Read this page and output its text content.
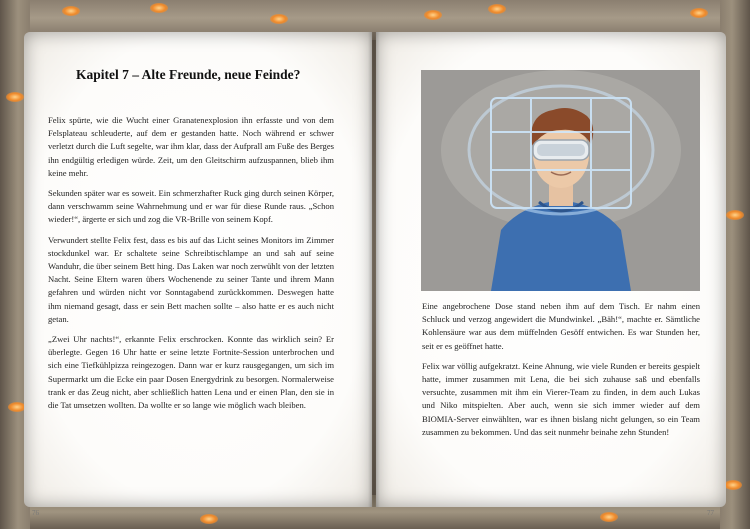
Kapitel 7 – Alte Freunde, neue Feinde?

Felix spürte, wie die Wucht einer Granatenexplosion ihn erfasste und von dem Felsplateau schleuderte, auf dem er gestanden hatte. Noch während er schwer verletzt durch die Luft segelte, war ihm klar, dass der Aufprall am Fuße des Berges ihn endgültig erledigen würde. Zeit, um den Gleitschirm aufzuspannen, blieb ihm keine mehr.

Sekunden später war es soweit. Ein schmerzhafter Ruck ging durch seinen Körper, dann verschwamm seine Wahrnehmung und er war für diese Runde raus. „Schon wieder!“, ärgerte er sich und zog die VR-Brille von seinem Kopf.

Verwundert stellte Felix fest, dass es bis auf das Licht seines Monitors im Zimmer stockdunkel war. Er schaltete seine Schreibtischlampe an und sah auf seine Wanduhr, die über seinem Bett hing. Das Laken war noch zerwühlt von der letzten Nacht. Seine Eltern waren übers Wochenende zu seiner Tante und ihrem Mann gefahren und würden nicht vor Sonntagabend zurückkommen. Deswegen hatte ihm niemand gesagt, dass er sein Bett machen sollte – also hatte er es auch nicht getan.

„Zwei Uhr nachts!“, erkannte Felix erschrocken. Konnte das wirklich sein? Er überlegte. Gegen 16 Uhr hatte er seine letzte Fortnite-Session unterbrochen und sich eine Tiefkühlpizza reingezogen. Dann war er kurz rausgegangen, um sich im Supermarkt um die Ecke ein paar Dosen Energydrink zu besorgen. Normalerweise trank er das Zeug nicht, aber schließlich hatten Lena und er einen Plan, den sie in die Tat umsetzen wollten. Da wollte er so lange wie möglich wach bleiben.

Eine angebrochene Dose stand neben ihm auf dem Tisch. Er nahm einen Schluck und verzog angewidert die Mundwinkel. „Bäh!“, machte er. Sämtliche Kohlensäure war aus dem müffelnden Gesöff entwichen. Es war Stunden her, seit er es geöffnet hatte.

Felix war völlig aufgekratzt. Keine Ahnung, wie viele Runden er bereits gespielt hatte, immer zusammen mit Lena, die bei sich zuhause saß und ebenfalls versuchte, zusammen mit ihm ein Vierer-Team zu finden, in dem auch Lukas und Niko mitspielten. Aber auch, wenn sie sich immer wieder auf dem BIOMIA-Server einwählten, war es ihnen bislang nicht gelungen, so ein Team zusammen zu bekommen. Und das seit nunmehr beinahe zehn Stunden!

76	77
